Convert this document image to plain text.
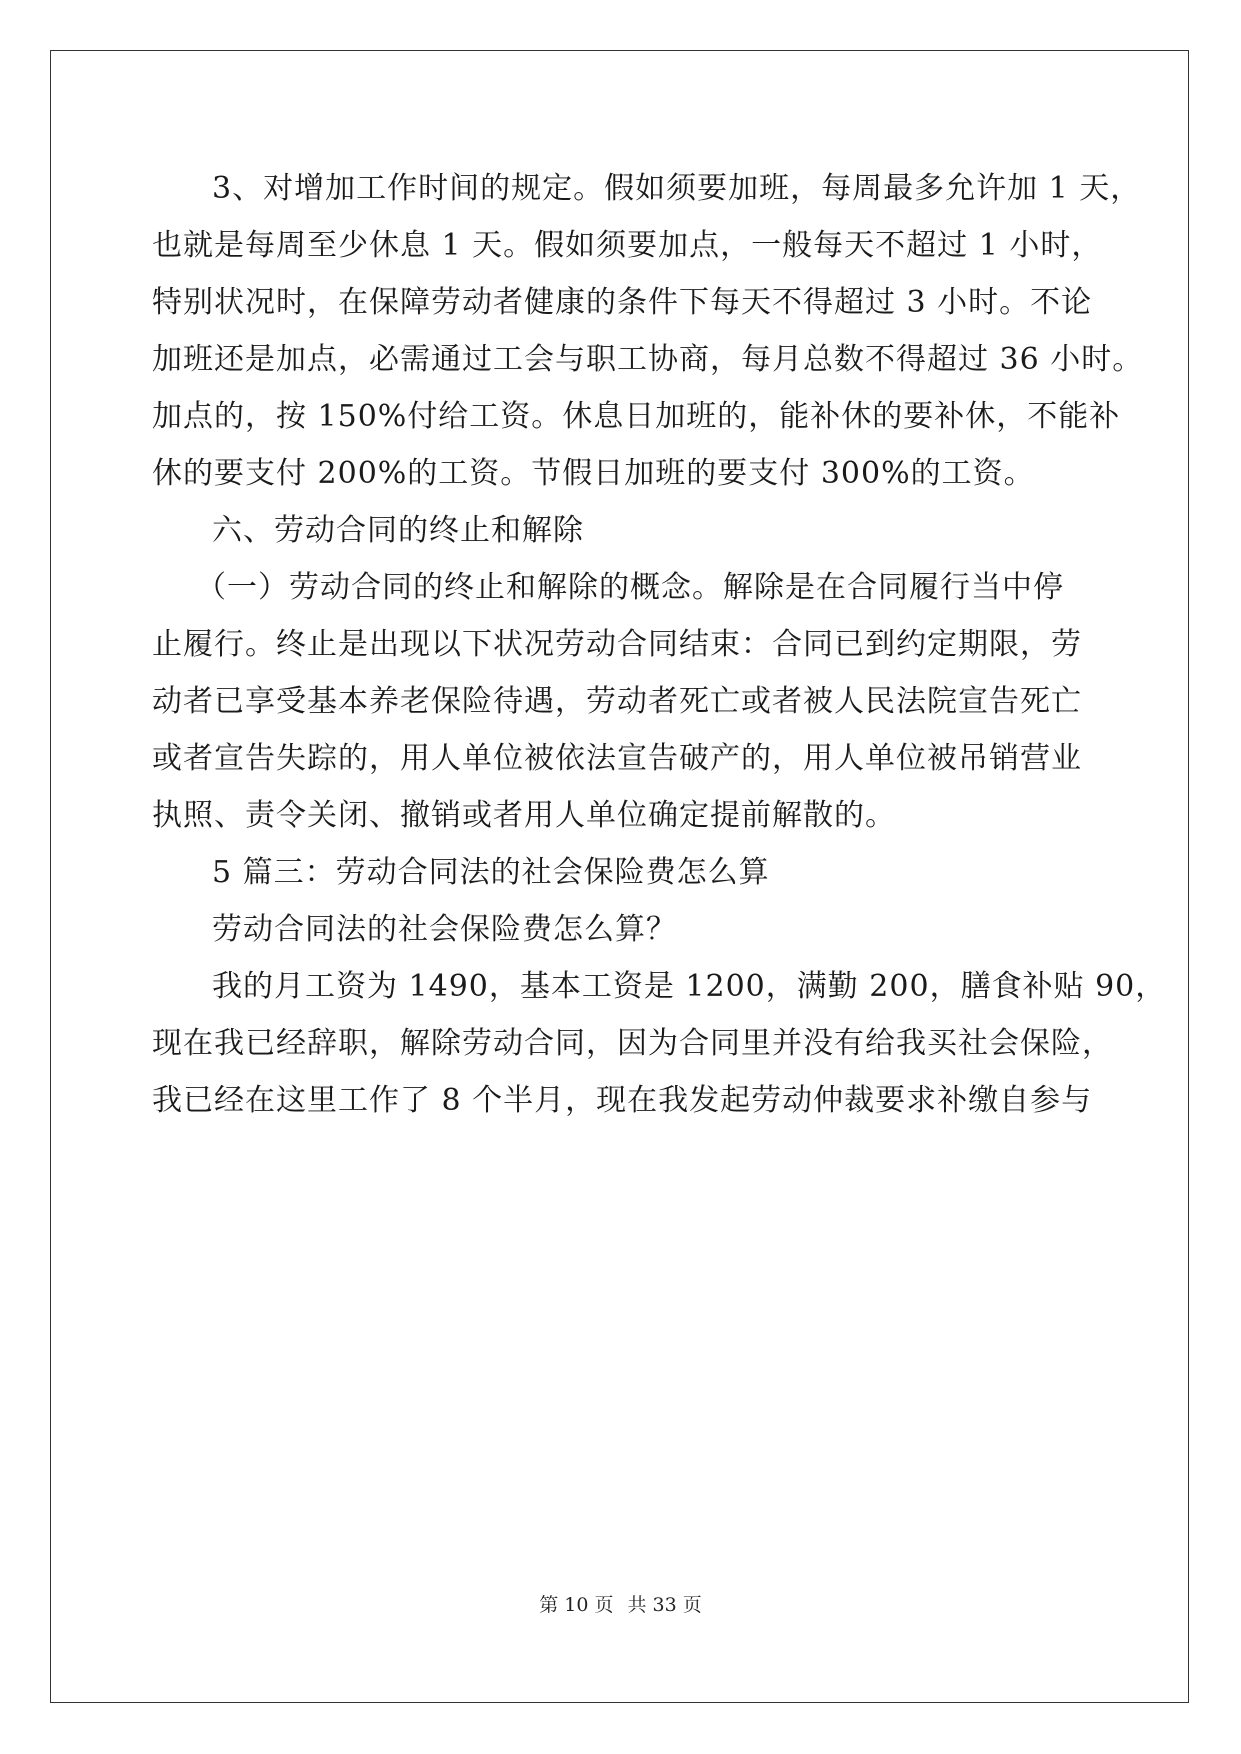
3、对增加工作时间的规定。假如须要加班，每周最多允许加 1 天，
也就是每周至少休息 1 天。假如须要加点，一般每天不超过 1 小时，
特别状况时，在保障劳动者健康的条件下每天不得超过 3 小时。不论
加班还是加点，必需通过工会与职工协商，每月总数不得超过 36 小时。
加点的，按 150%付给工资。休息日加班的，能补休的要补休，不能补
休的要支付 200%的工资。节假日加班的要支付 300%的工资。
六、劳动合同的终止和解除
（一）劳动合同的终止和解除的概念。解除是在合同履行当中停
止履行。终止是出现以下状况劳动合同结束：合同已到约定期限，劳
动者已享受基本养老保险待遇，劳动者死亡或者被人民法院宣告死亡
或者宣告失踪的，用人单位被依法宣告破产的，用人单位被吊销营业
执照、责令关闭、撤销或者用人单位确定提前解散的。
5 篇三：劳动合同法的社会保险费怎么算
劳动合同法的社会保险费怎么算？
我的月工资为 1490，基本工资是 1200，满勤 200，膳食补贴 90，
现在我已经辞职，解除劳动合同，因为合同里并没有给我买社会保险，
我已经在这里工作了 8 个半月，现在我发起劳动仲裁要求补缴自参与
第 10 页 共 33 页
